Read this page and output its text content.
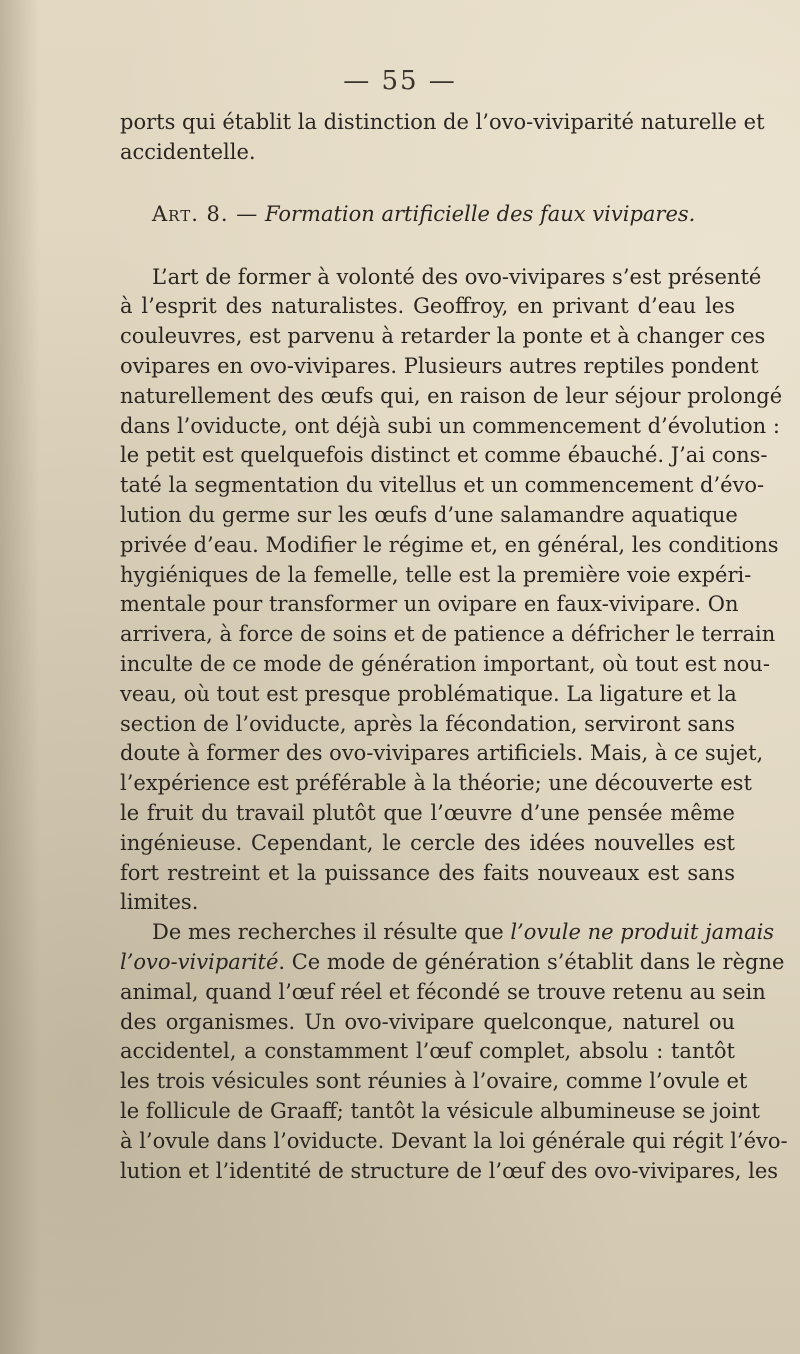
— 55 —
ports qui établit la distinction de l’ovo-viviparité naturelle et
accidentelle.
Art. 8. — Formation artificielle des faux vivipares.
L’art de former à volonté des ovo-vivipares s’est présenté
à l’esprit des naturalistes. Geoffroy, en privant d’eau les
couleuvres, est parvenu à retarder la ponte et à changer ces
ovipares en ovo-vivipares. Plusieurs autres reptiles pondent
naturellement des œufs qui, en raison de leur séjour prolongé
dans l’oviducte, ont déjà subi un commencement d’évolution :
le petit est quelquefois distinct et comme ébauché. J’ai cons-
taté la segmentation du vitellus et un commencement d’évo-
lution du germe sur les œufs d’une salamandre aquatique
privée d’eau. Modifier le régime et, en général, les conditions
hygiéniques de la femelle, telle est la première voie expéri-
mentale pour transformer un ovipare en faux-vivipare. On
arrivera, à force de soins et de patience a défricher le terrain
inculte de ce mode de génération important, où tout est nou-
veau, où tout est presque problématique. La ligature et la
section de l’oviducte, après la fécondation, serviront sans
doute à former des ovo-vivipares artificiels. Mais, à ce sujet,
l’expérience est préférable à la théorie; une découverte est
le fruit du travail plutôt que l’œuvre d’une pensée même
ingénieuse. Cependant, le cercle des idées nouvelles est
fort restreint et la puissance des faits nouveaux est sans
limites.
De mes recherches il résulte que l’ovule ne produit jamais
l’ovo-viviparité. Ce mode de génération s’établit dans le règne
animal, quand l’œuf réel et fécondé se trouve retenu au sein
des organismes. Un ovo-vivipare quelconque, naturel ou
accidentel, a constamment l’œuf complet, absolu : tantôt
les trois vésicules sont réunies à l’ovaire, comme l’ovule et
le follicule de Graaff; tantôt la vésicule albumineuse se joint
à l’ovule dans l’oviducte. Devant la loi générale qui régit l’évo-
lution et l’identité de structure de l’œuf des ovo-vivipares, les
